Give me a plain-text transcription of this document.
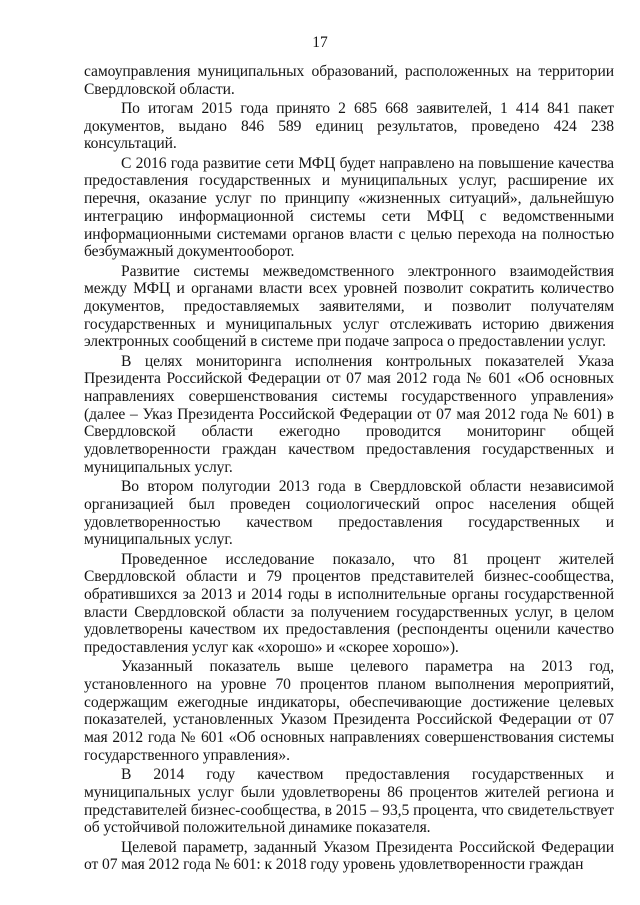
17

самоуправления муниципальных образований, расположенных на территории Свердловской области.

По итогам 2015 года принято 2 685 668 заявителей, 1 414 841 пакет документов, выдано 846 589 единиц результатов, проведено 424 238 консультаций.

С 2016 года развитие сети МФЦ будет направлено на повышение качества предоставления государственных и муниципальных услуг, расширение их перечня, оказание услуг по принципу «жизненных ситуаций», дальнейшую интеграцию информационной системы сети МФЦ с ведомственными информационными системами органов власти с целью перехода на полностью безбумажный документооборот.

Развитие системы межведомственного электронного взаимодействия между МФЦ и органами власти всех уровней позволит сократить количество документов, предоставляемых заявителями, и позволит получателям государственных и муниципальных услуг отслеживать историю движения электронных сообщений в системе при подаче запроса о предоставлении услуг.

В целях мониторинга исполнения контрольных показателей Указа Президента Российской Федерации от 07 мая 2012 года № 601 «Об основных направлениях совершенствования системы государственного управления» (далее – Указ Президента Российской Федерации от 07 мая 2012 года № 601) в Свердловской области ежегодно проводится мониторинг общей удовлетворенности граждан качеством предоставления государственных и муниципальных услуг.

Во втором полугодии 2013 года в Свердловской области независимой организацией был проведен социологический опрос населения общей удовлетворенностью качеством предоставления государственных и муниципальных услуг.

Проведенное исследование показало, что 81 процент жителей Свердловской области и 79 процентов представителей бизнес-сообщества, обратившихся за 2013 и 2014 годы в исполнительные органы государственной власти Свердловской области за получением государственных услуг, в целом удовлетворены качеством их предоставления (респонденты оценили качество предоставления услуг как «хорошо» и «скорее хорошо»).

Указанный показатель выше целевого параметра на 2013 год, установленного на уровне 70 процентов планом выполнения мероприятий, содержащим ежегодные индикаторы, обеспечивающие достижение целевых показателей, установленных Указом Президента Российской Федерации от 07 мая 2012 года № 601 «Об основных направлениях совершенствования системы государственного управления».

В 2014 году качеством предоставления государственных и муниципальных услуг были удовлетворены 86 процентов жителей региона и представителей бизнес-сообщества, в 2015 – 93,5 процента, что свидетельствует об устойчивой положительной динамике показателя.

Целевой параметр, заданный Указом Президента Российской Федерации от 07 мая 2012 года № 601: к 2018 году уровень удовлетворенности граждан
